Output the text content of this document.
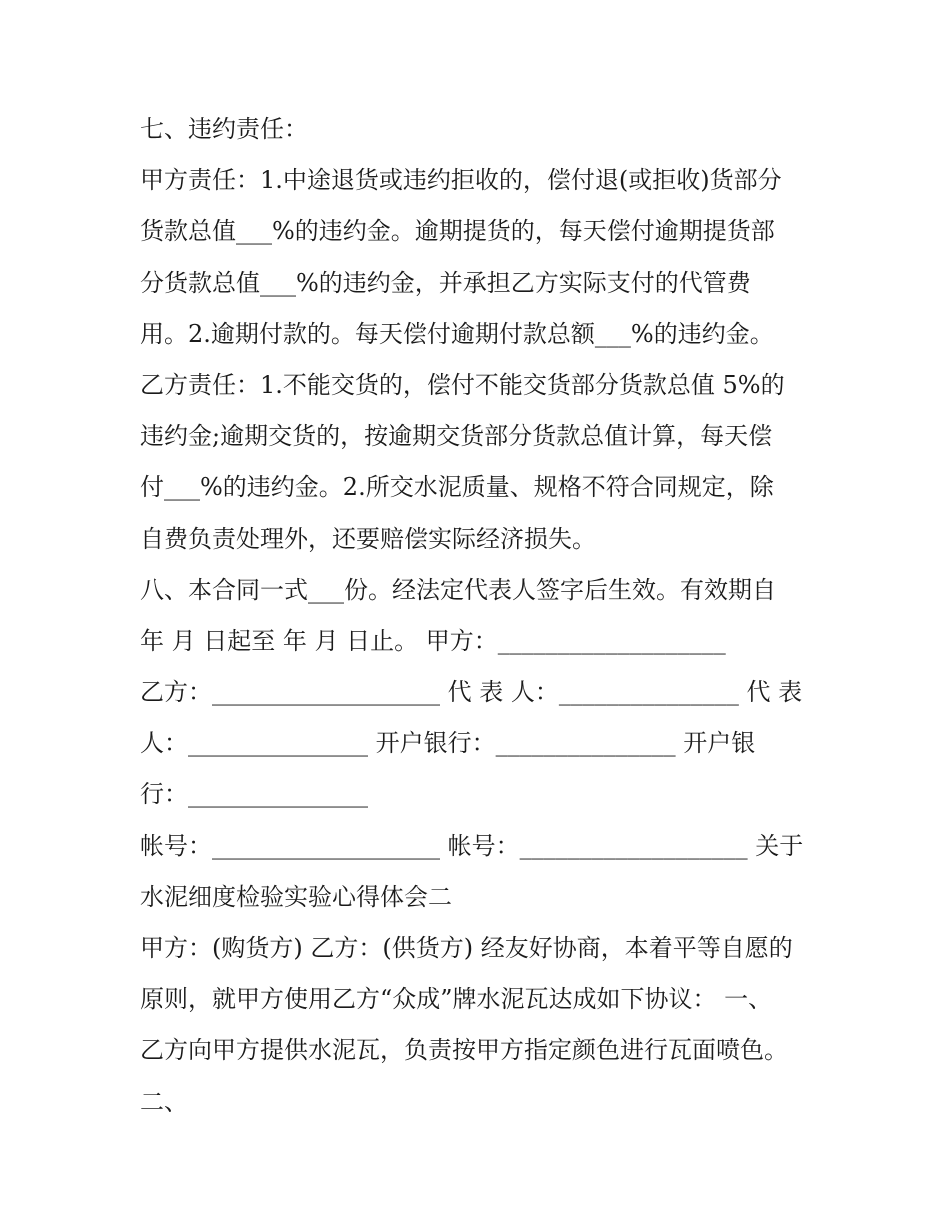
七、违约责任：
甲方责任：1.中途退货或违约拒收的，偿付退(或拒收)货部分
货款总值___%的违约金。逾期提货的，每天偿付逾期提货部
分货款总值___%的违约金，并承担乙方实际支付的代管费
用。2.逾期付款的。每天偿付逾期付款总额___%的违约金。
乙方责任：1.不能交货的，偿付不能交货部分货款总值 5%的
违约金;逾期交货的，按逾期交货部分货款总值计算，每天偿
付___%的违约金。2.所交水泥质量、规格不符合同规定，除
自费负责处理外，还要赔偿实际经济损失。
八、本合同一式___份。经法定代表人签字后生效。有效期自
年 月 日起至 年 月 日止。 甲方：___________________
乙方：___________________ 代 表 人：_______________ 代 表
人：_______________ 开户银行：_______________ 开户银
行：_______________
帐号：___________________ 帐号：___________________ 关于
水泥细度检验实验心得体会二
甲方：(购货方) 乙方：(供货方) 经友好协商，本着平等自愿的
原则，就甲方使用乙方“众成”牌水泥瓦达成如下协议： 一、
乙方向甲方提供水泥瓦，负责按甲方指定颜色进行瓦面喷色。
二、
